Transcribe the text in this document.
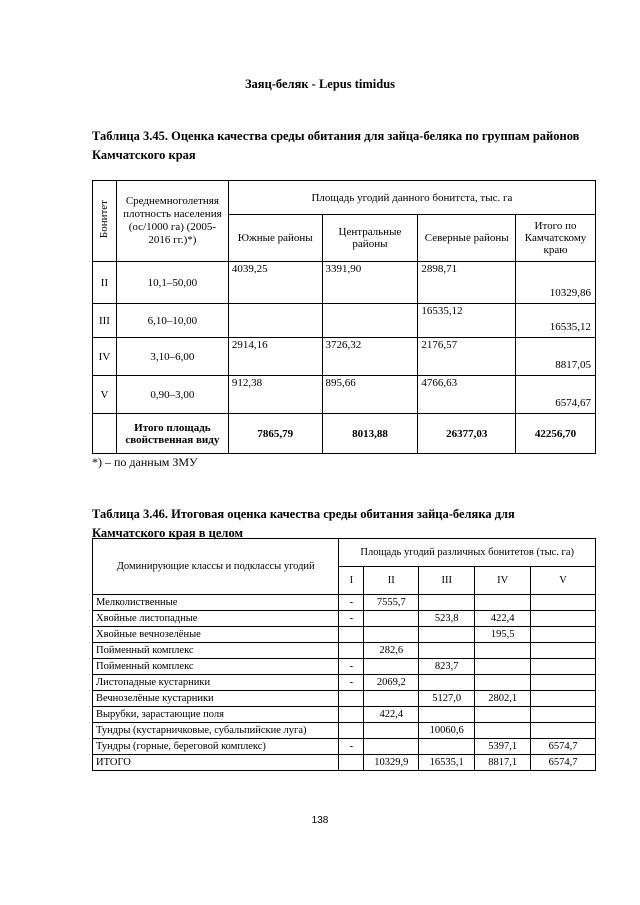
Заяц-беляк - Lepus timidus
Таблица 3.45. Оценка качества среды обитания для зайца-беляка по группам районов
Камчатского края
Бонитет	Среднемноголетняя плотность населения (ос/1000 га) (2005-2016 гг.)*)	Площадь угодий данного бонитста, тыс. га			
		Южные районы	Центральные районы	Северные районы	Итого по Камчатскому краю
II	10,1–50,00	4039,25	3391,90	2898,71	10329,86
III	6,10–10,00			16535,12	16535,12
IV	3,10–6,00	2914,16	3726,32	2176,57	8817,05
V	0,90–3,00	912,38	895,66	4766,63	6574,67
	Итого площадь свойственная виду	7865,79	8013,88	26377,03	42256,70
*) – по данным ЗМУ
Таблица 3.46. Итоговая оценка качества среды обитания зайца-беляка для
Камчатского края в целом
Доминирующие классы и подклассы угодий	Площадь угодий различных бонитетов (тыс. га)				
	I	II	III	IV	V
Мелколиственные	-	7555,7			
Хвойные листопадные	-		523,8	422,4	
Хвойные вечнозелёные				195,5	
Пойменный комплекс		282,6			
Пойменный комплекс	-		823,7		
Листопадные кустарники	-	2069,2			
Вечнозелёные кустарники			5127,0	2802,1	
Вырубки, зарастающие поля		422,4			
Тундры (кустарничковые, субальпийские луга)			10060,6		
Тундры (горные, береговой комплекс)	-			5397,1	6574,7
ИТОГО		10329,9	16535,1	8817,1	6574,7
138
